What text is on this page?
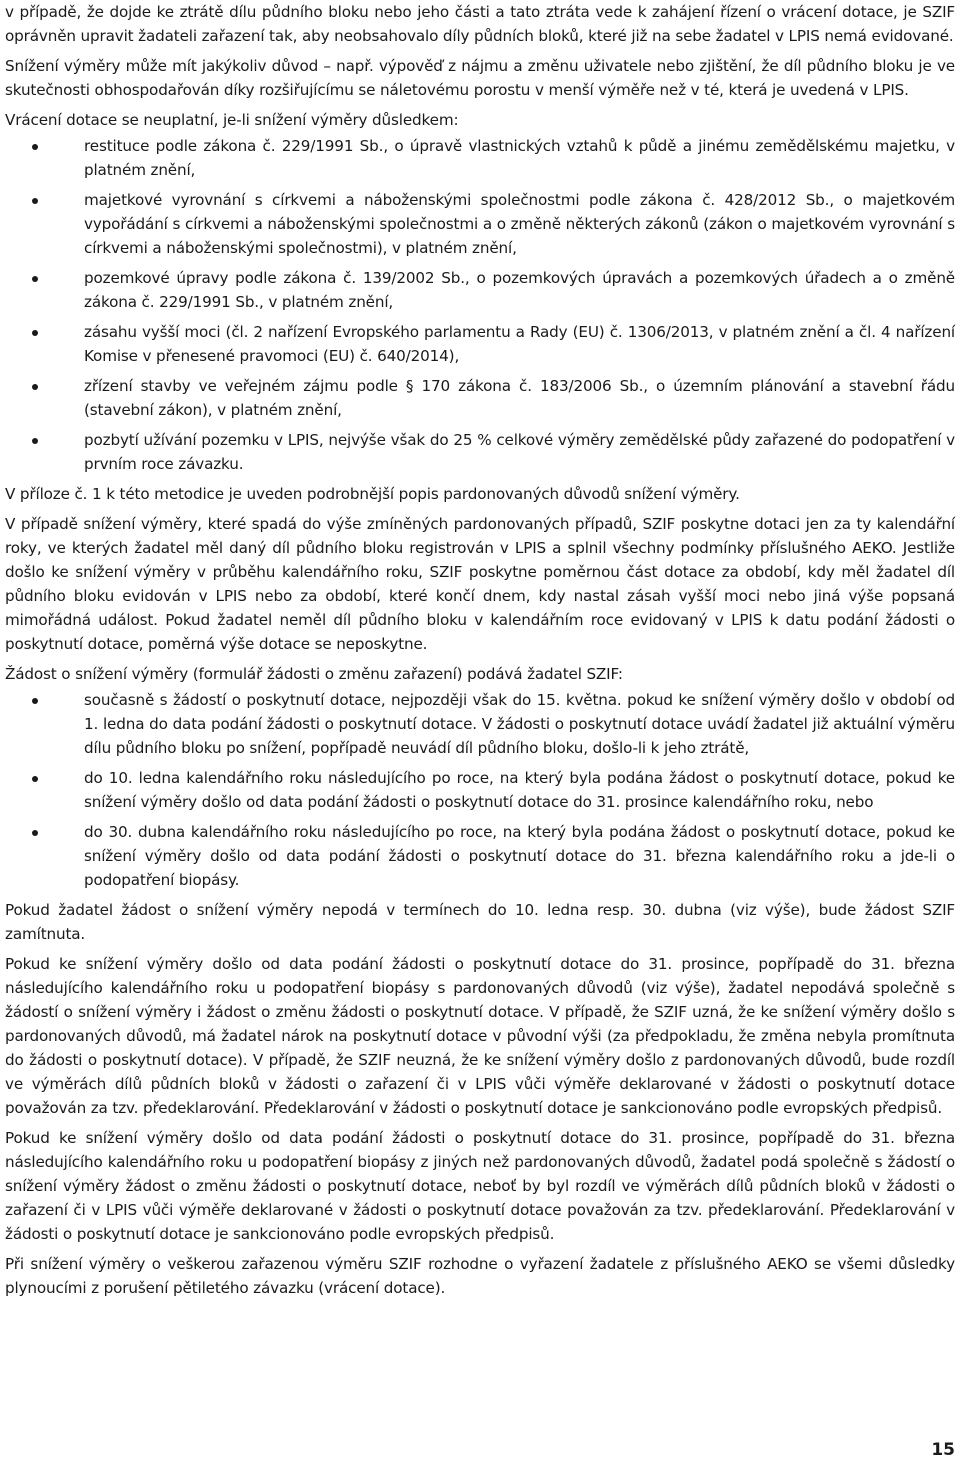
v případě, že dojde ke ztrátě dílu půdního bloku nebo jeho části a tato ztráta vede k zahájení řízení o vrácení dotace, je SZIF oprávněn upravit žadateli zařazení tak, aby neobsahovalo díly půdních bloků, které již na sebe žadatel v LPIS nemá evidované.

Snížení výměry může mít jakýkoliv důvod – např. výpověď z nájmu a změnu uživatele nebo zjištění, že díl půdního bloku je ve skutečnosti obhospodařován díky rozšiřujícímu se náletovému porostu v menší výměře než v té, která je uvedená v LPIS.

Vrácení dotace se neuplatní, je-li snížení výměry důsledkem:

restituce podle zákona č. 229/1991 Sb., o úpravě vlastnických vztahů k půdě a jinému zemědělskému majetku, v platném znění,
majetkové vyrovnání s církvemi a náboženskými společnostmi podle zákona č. 428/2012 Sb., o majetkovém vypořádání s církvemi a náboženskými společnostmi a o změně některých zákonů (zákon o majetkovém vyrovnání s církvemi a náboženskými společnostmi), v platném znění,
pozemkové úpravy podle zákona č. 139/2002 Sb., o pozemkových úpravách a pozemkových úřadech a o změně zákona č. 229/1991 Sb., v platném znění,
zásahu vyšší moci (čl. 2 nařízení Evropského parlamentu a Rady (EU) č. 1306/2013, v platném znění a čl. 4 nařízení Komise v přenesené pravomoci (EU) č. 640/2014),
zřízení stavby ve veřejném zájmu podle § 170 zákona č. 183/2006 Sb., o územním plánování a stavební řádu (stavební zákon), v platném znění,
pozbytí užívání pozemku v LPIS, nejvýše však do 25 % celkové výměry zemědělské půdy zařazené do podopatření v prvním roce závazku.

V příloze č. 1 k této metodice je uveden podrobnější popis pardonovaných důvodů snížení výměry.

V případě snížení výměry, které spadá do výše zmíněných pardonovaných případů, SZIF poskytne dotaci jen za ty kalendářní roky, ve kterých žadatel měl daný díl půdního bloku registrován v LPIS a splnil všechny podmínky příslušného AEKO. Jestliže došlo ke snížení výměry v průběhu kalendářního roku, SZIF poskytne poměrnou část dotace za období, kdy měl žadatel díl půdního bloku evidován v LPIS nebo za období, které končí dnem, kdy nastal zásah vyšší moci nebo jiná výše popsaná mimořádná událost. Pokud žadatel neměl díl půdního bloku v kalendářním roce evidovaný v LPIS k datu podání žádosti o poskytnutí dotace, poměrná výše dotace se neposkytne.

Žádost o snížení výměry (formulář žádosti o změnu zařazení) podává žadatel SZIF:

současně s žádostí o poskytnutí dotace, nejpozději však do 15. května. pokud ke snížení výměry došlo v období od 1. ledna do data podání žádosti o poskytnutí dotace. V žádosti o poskytnutí dotace uvádí žadatel již aktuální výměru dílu půdního bloku po snížení, popřípadě neuvádí díl půdního bloku, došlo-li k jeho ztrátě,
do 10. ledna kalendářního roku následujícího po roce, na který byla podána žádost o poskytnutí dotace, pokud ke snížení výměry došlo od data podání žádosti o poskytnutí dotace do 31. prosince kalendářního roku, nebo
do 30. dubna kalendářního roku následujícího po roce, na který byla podána žádost o poskytnutí dotace, pokud ke snížení výměry došlo od data podání žádosti o poskytnutí dotace do 31. března kalendářního roku a jde-li o podopatření biopásy.

Pokud žadatel žádost o snížení výměry nepodá v termínech do 10. ledna resp. 30. dubna (viz výše), bude žádost SZIF zamítnuta.

Pokud ke snížení výměry došlo od data podání žádosti o poskytnutí dotace do 31. prosince, popřípadě do 31. března následujícího kalendářního roku u podopatření biopásy s pardonovaných důvodů (viz výše), žadatel nepodává společně s žádostí o snížení výměry i žádost o změnu žádosti o poskytnutí dotace. V případě, že SZIF uzná, že ke snížení výměry došlo s pardonovaných důvodů, má žadatel nárok na poskytnutí dotace v původní výši (za předpokladu, že změna nebyla promítnuta do žádosti o poskytnutí dotace). V případě, že SZIF neuzná, že ke snížení výměry došlo z pardonovaných důvodů, bude rozdíl ve výměrách dílů půdních bloků v žádosti o zařazení či v LPIS vůči výměře deklarované v žádosti o poskytnutí dotace považován za tzv. předeklarování. Předeklarování v žádosti o poskytnutí dotace je sankcionováno podle evropských předpisů.

Pokud ke snížení výměry došlo od data podání žádosti o poskytnutí dotace do 31. prosince, popřípadě do 31. března následujícího kalendářního roku u podopatření biopásy z jiných než pardonovaných důvodů, žadatel podá společně s žádostí o snížení výměry žádost o změnu žádosti o poskytnutí dotace, neboť by byl rozdíl ve výměrách dílů půdních bloků v žádosti o zařazení či v LPIS vůči výměře deklarované v žádosti o poskytnutí dotace považován za tzv. předeklarování. Předeklarování v žádosti o poskytnutí dotace je sankcionováno podle evropských předpisů.

Při snížení výměry o veškerou zařazenou výměru SZIF rozhodne o vyřazení žadatele z příslušného AEKO se všemi důsledky plynoucími z porušení pětiletého závazku (vrácení dotace).

15
